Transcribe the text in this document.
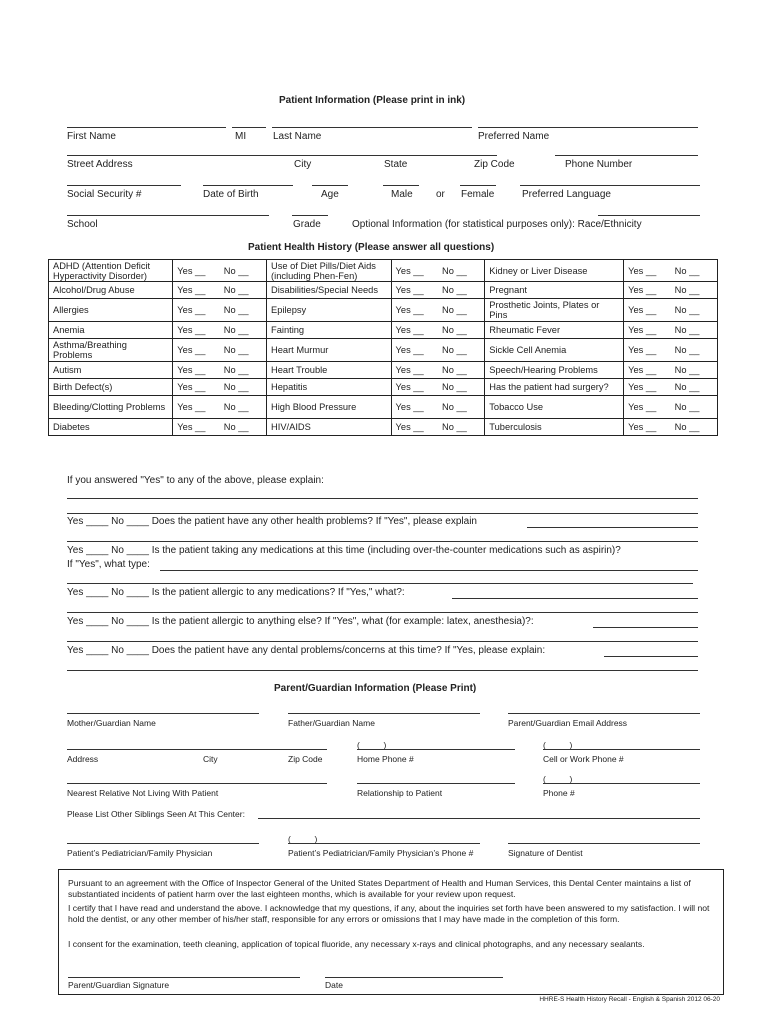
Patient Information (Please print in ink)
First Name	MI	Last Name	Preferred Name
Street Address	City	State	Zip Code	Phone Number
Social Security #	Date of Birth	Age	Male or Female	Preferred Language
School	Grade	Optional Information (for statistical purposes only): Race/Ethnicity
Patient Health History (Please answer all questions)
ADHD (Attention Deficit Hyperactivity Disorder)	Yes __	No __	Use of Diet Pills/Diet Aids (including Phen-Fen)	Yes __	No __	Kidney or Liver Disease	Yes __	No __
Alcohol/Drug Abuse	Yes __	No __	Disabilities/Special Needs	Yes __	No __	Pregnant	Yes __	No __
Allergies	Yes __	No __	Epilepsy	Yes __	No __	Prosthetic Joints, Plates or Pins	Yes __	No __
Anemia	Yes __	No __	Fainting	Yes __	No __	Rheumatic Fever	Yes __	No __
Asthma/Breathing Problems	Yes __	No __	Heart Murmur	Yes __	No __	Sickle Cell Anemia	Yes __	No __
Autism	Yes __	No __	Heart Trouble	Yes __	No __	Speech/Hearing Problems	Yes __	No __
Birth Defect(s)	Yes __	No __	Hepatitis	Yes __	No __	Has the patient had surgery?	Yes __	No __
Bleeding/Clotting Problems	Yes __	No __	High Blood Pressure	Yes __	No __	Tobacco Use	Yes __	No __
Diabetes	Yes __	No __	HIV/AIDS	Yes __	No __	Tuberculosis	Yes __	No __
If you answered "Yes" to any of the above, please explain:
Yes ____ No ____ Does the patient have any other health problems? If "Yes", please explain
Yes ____ No ____ Is the patient taking any medications at this time (including over-the-counter medications such as aspirin)?
If "Yes", what type:
Yes ____ No ____ Is the patient allergic to any medications? If "Yes," what?:
Yes ____ No ____ Is the patient allergic to anything else? If "Yes", what (for example: latex, anesthesia)?:
Yes ____ No ____ Does the patient have any dental problems/concerns at this time? If "Yes, please explain:
Parent/Guardian Information (Please Print)
Mother/Guardian Name	Father/Guardian Name	Parent/Guardian Email Address
(_____)	(_____)
Address	City	Zip Code	Home Phone #	Cell or Work Phone #
(_____)
Nearest Relative Not Living With Patient	Relationship to Patient	Phone #
Please List Other Siblings Seen At This Center:
(_____)
Patient’s Pediatrician/Family Physician	Patient’s Pediatrician/Family Physician’s Phone #	Signature of Dentist

Pursuant to an agreement with the Office of Inspector General of the United States Department of Health and Human Services, this Dental Center maintains a list of substantiated incidents of patient harm over the last eighteen months, which is available for your review upon request.

I certify that I have read and understand the above. I acknowledge that my questions, if any, about the inquiries set forth have been answered to my satisfaction. I will not hold the dentist, or any other member of his/her staff, responsible for any errors or omissions that I may have made in the completion of this form.

I consent for the examination, teeth cleaning, application of topical fluoride, any necessary x-rays and clinical photographs, and any necessary sealants.

Parent/Guardian Signature	Date
HHRE-S Health History Recall - English & Spanish 2012 06-20
